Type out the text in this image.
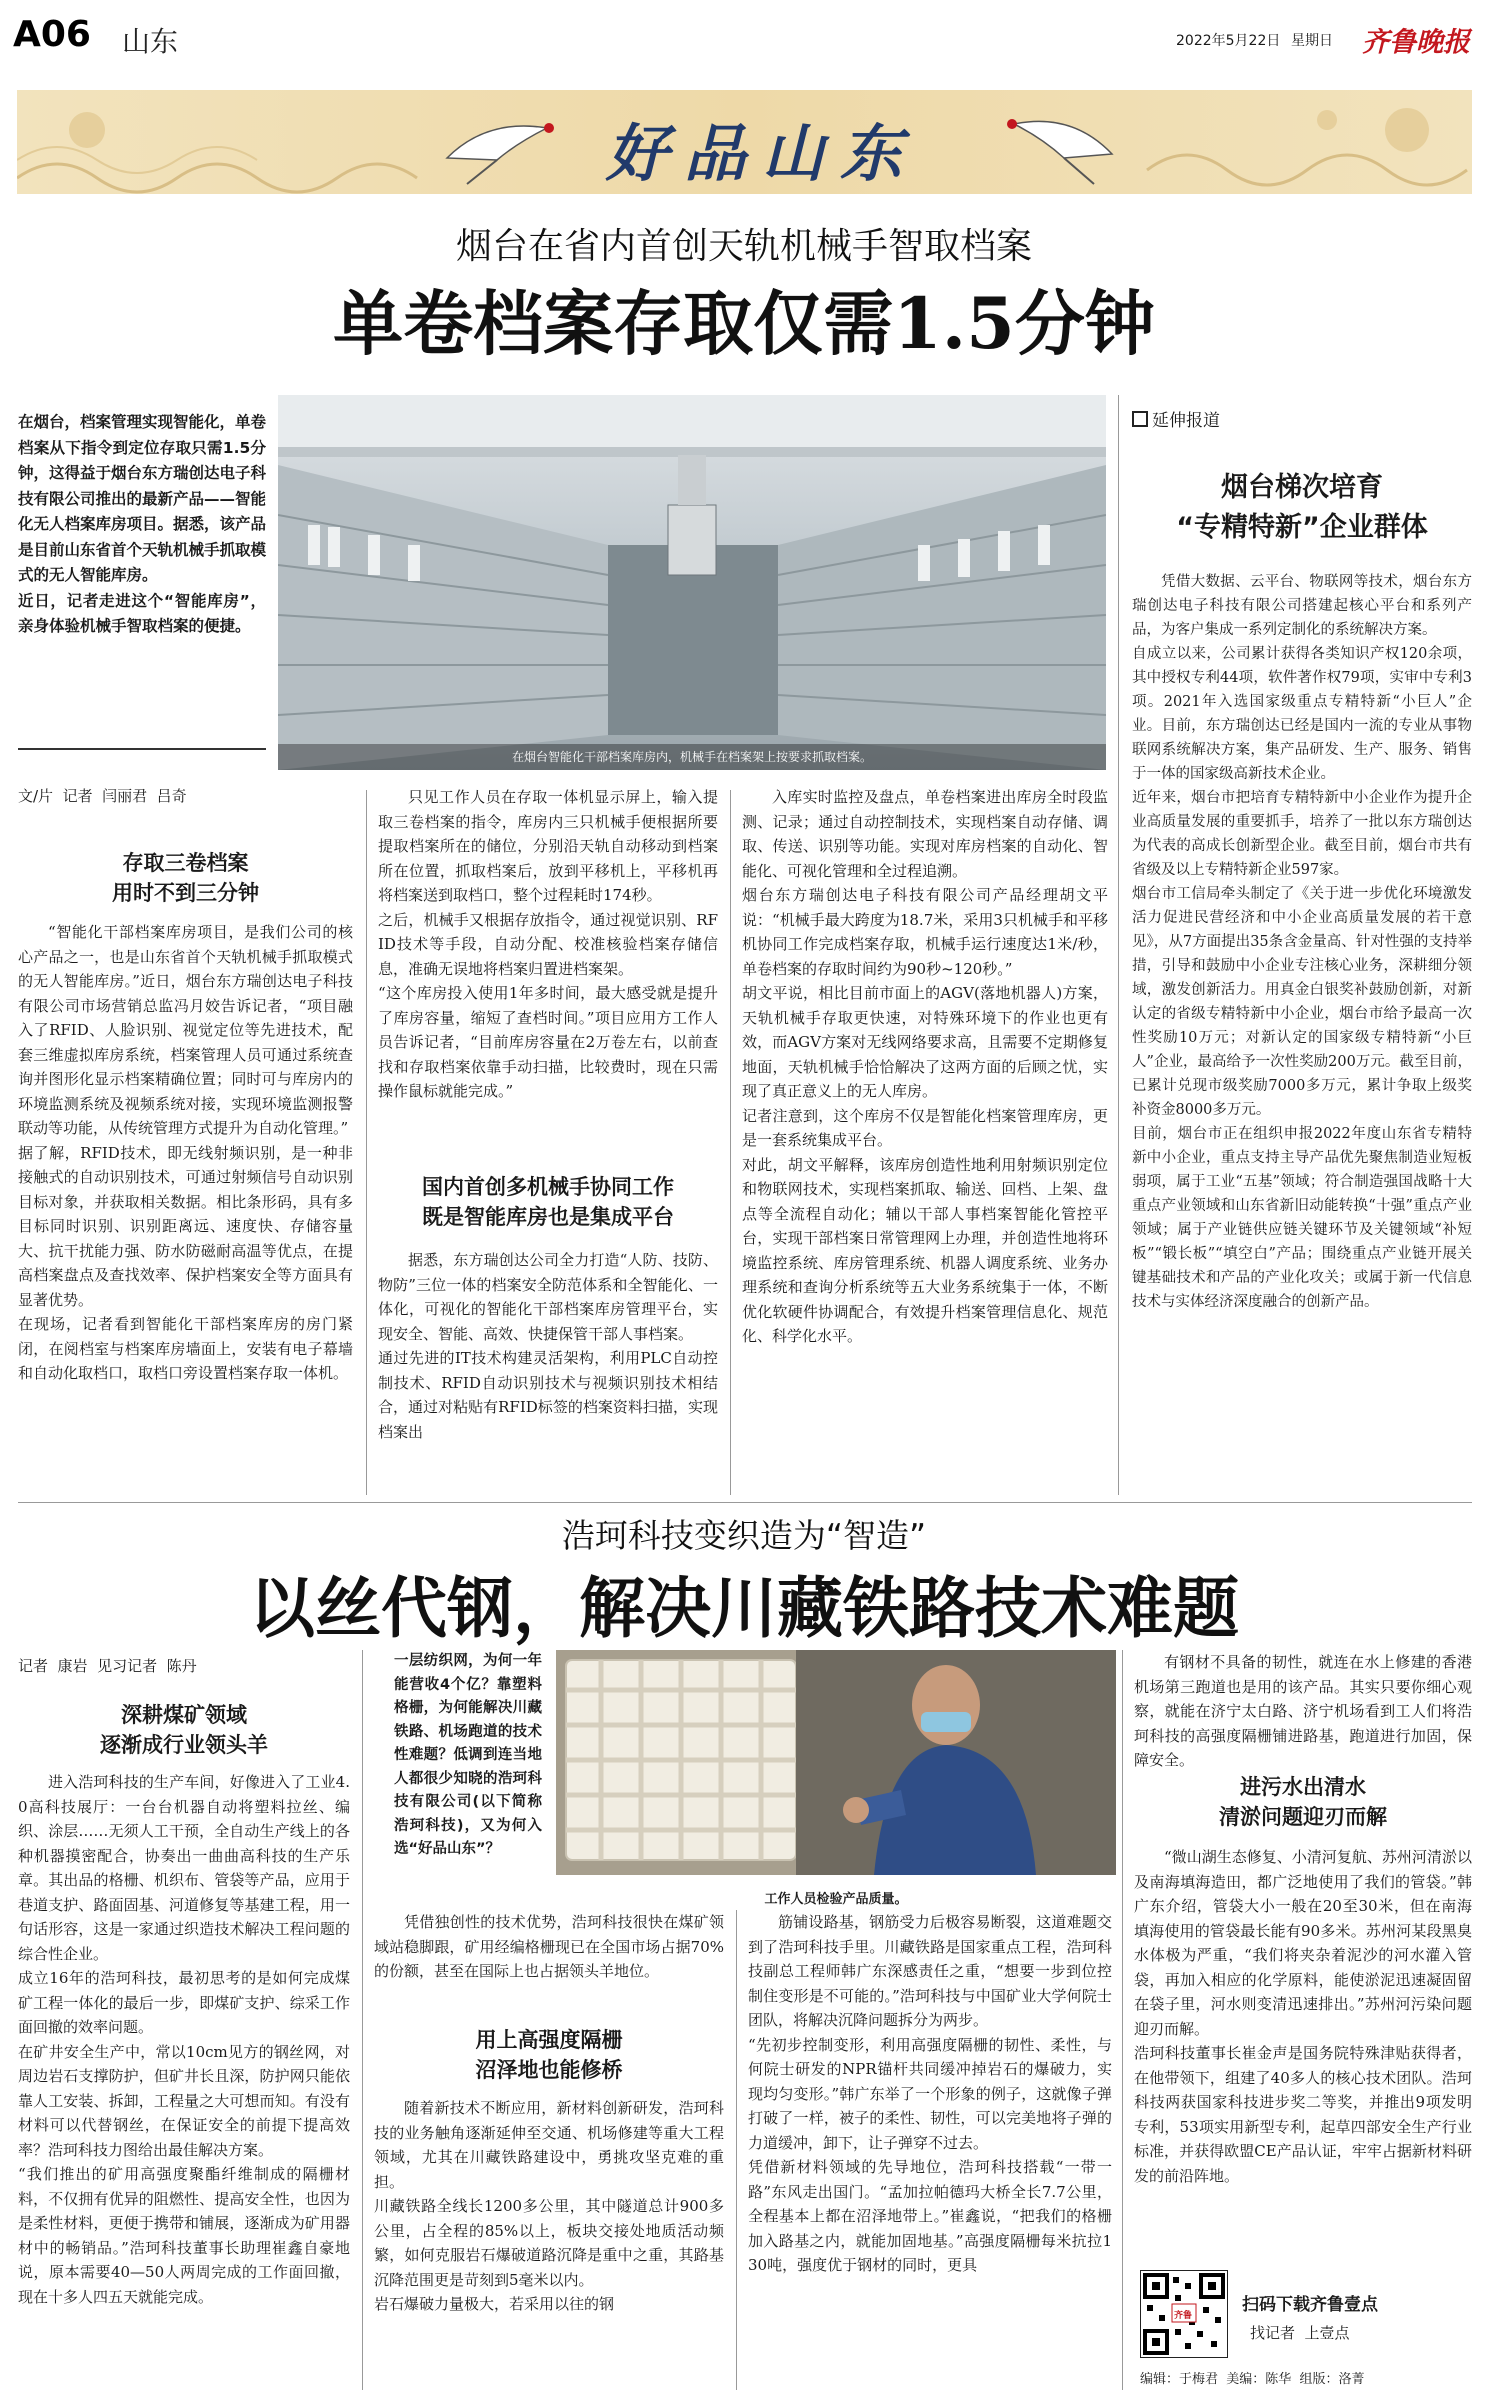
A06 山东	2022年5月22日 星期日 齐鲁晚报
好品山东
烟台在省内首创天轨机械手智取档案
单卷档案存取仅需1.5分钟

在烟台，档案管理实现智能化，单卷档案从下指令到定位存取只需1.5分钟，这得益于烟台东方瑞创达电子科技有限公司推出的最新产品——智能化无人档案库房项目。据悉，该产品是目前山东省首个天轨机械手抓取模式的无人智能库房。
近日，记者走进这个“智能库房”，亲身体验机械手智取档案的便捷。

在烟台智能化干部档案库房内，机械手在档案架上按要求抓取档案。
文/片  记者  闫丽君  吕奇

存取三卷档案
用时不到三分钟

“智能化干部档案库房项目，是我们公司的核心产品之一，也是山东省首个天轨机械手抓取模式的无人智能库房。”近日，烟台东方瑞创达电子科技有限公司市场营销总监冯月姣告诉记者，“项目融入了RFID、人脸识别、视觉定位等先进技术，配套三维虚拟库房系统，档案管理人员可通过系统查询并图形化显示档案精确位置；同时可与库房内的环境监测系统及视频系统对接，实现环境监测报警联动等功能，从传统管理方式提升为自动化管理。”
据了解，RFID技术，即无线射频识别，是一种非接触式的自动识别技术，可通过射频信号自动识别目标对象，并获取相关数据。相比条形码，具有多目标同时识别、识别距离远、速度快、存储容量大、抗干扰能力强、防水防磁耐高温等优点，在提高档案盘点及查找效率、保护档案安全等方面具有显著优势。
在现场，记者看到智能化干部档案库房的房门紧闭，在阅档室与档案库房墙面上，安装有电子幕墙和自动化取档口，取档口旁设置档案存取一体机。

只见工作人员在存取一体机显示屏上，输入提取三卷档案的指令，库房内三只机械手便根据所要提取档案所在的储位，分别沿天轨自动移动到档案所在位置，抓取档案后，放到平移机上，平移机再将档案送到取档口，整个过程耗时174秒。
之后，机械手又根据存放指令，通过视觉识别、RFID技术等手段，自动分配、校准核验档案存储信息，准确无误地将档案归置进档案架。
“这个库房投入使用1年多时间，最大感受就是提升了库房容量，缩短了查档时间。”项目应用方工作人员告诉记者，“目前库房容量在2万卷左右，以前查找和存取档案依靠手动扫描，比较费时，现在只需操作鼠标就能完成。”

国内首创多机械手协同工作
既是智能库房也是集成平台

据悉，东方瑞创达公司全力打造“人防、技防、物防”三位一体的档案安全防范体系和全智能化、一体化，可视化的智能化干部档案库房管理平台，实现安全、智能、高效、快捷保管干部人事档案。
通过先进的IT技术构建灵活架构，利用PLC自动控制技术、RFID自动识别技术与视频识别技术相结合，通过对粘贴有RFID标签的档案资料扫描，实现档案出

入库实时监控及盘点，单卷档案进出库房全时段监测、记录；通过自动控制技术，实现档案自动存储、调取、传送、识别等功能。实现对库房档案的自动化、智能化、可视化管理和全过程追溯。
烟台东方瑞创达电子科技有限公司产品经理胡文平说：“机械手最大跨度为18.7米，采用3只机械手和平移机协同工作完成档案存取，机械手运行速度达1米/秒，单卷档案的存取时间约为90秒~120秒。”
胡文平说，相比目前市面上的AGV(落地机器人)方案，天轨机械手存取更快速，对特殊环境下的作业也更有效，而AGV方案对无线网络要求高，且需要不定期修复地面，天轨机械手恰恰解决了这两方面的后顾之忧，实现了真正意义上的无人库房。
记者注意到，这个库房不仅是智能化档案管理库房，更是一套系统集成平台。
对此，胡文平解释，该库房创造性地利用射频识别定位和物联网技术，实现档案抓取、输送、回档、上架、盘点等全流程自动化；辅以干部人事档案智能化管控平台，实现干部档案日常管理网上办理，并创造性地将环境监控系统、库房管理系统、机器人调度系统、业务办理系统和查询分析系统等五大业务系统集于一体，不断优化软硬件协调配合，有效提升档案管理信息化、规范化、科学化水平。

延伸报道

烟台梯次培育
“专精特新”企业群体

凭借大数据、云平台、物联网等技术，烟台东方瑞创达电子科技有限公司搭建起核心平台和系列产品，为客户集成一系列定制化的系统解决方案。
自成立以来，公司累计获得各类知识产权120余项，其中授权专利44项，软件著作权79项，实审中专利3项。2021年入选国家级重点专精特新“小巨人”企业。目前，东方瑞创达已经是国内一流的专业从事物联网系统解决方案，集产品研发、生产、服务、销售于一体的国家级高新技术企业。
近年来，烟台市把培育专精特新中小企业作为提升企业高质量发展的重要抓手，培养了一批以东方瑞创达为代表的高成长创新型企业。截至目前，烟台市共有省级及以上专精特新企业597家。
烟台市工信局牵头制定了《关于进一步优化环境激发活力促进民营经济和中小企业高质量发展的若干意见》，从7方面提出35条含金量高、针对性强的支持举措，引导和鼓励中小企业专注核心业务，深耕细分领域，激发创新活力。用真金白银奖补鼓励创新，对新认定的省级专精特新中小企业，烟台市给予最高一次性奖励10万元；对新认定的国家级专精特新“小巨人”企业，最高给予一次性奖励200万元。截至目前，已累计兑现市级奖励7000多万元，累计争取上级奖补资金8000多万元。
目前，烟台市正在组织申报2022年度山东省专精特新中小企业，重点支持主导产品优先聚焦制造业短板弱项，属于工业“五基”领域；符合制造强国战略十大重点产业领域和山东省新旧动能转换“十强”重点产业领域；属于产业链供应链关键环节及关键领域“补短板”“锻长板”“填空白”产品；围绕重点产业链开展关键基础技术和产品的产业化攻关；或属于新一代信息技术与实体经济深度融合的创新产品。

浩珂科技变织造为“智造”
以丝代钢，解决川藏铁路技术难题
记者  康岩  见习记者  陈丹

深耕煤矿领域
逐渐成行业领头羊

进入浩珂科技的生产车间，好像进入了工业4.0高科技展厅：一台台机器自动将塑料拉丝、编织、涂层……无须人工干预，全自动生产线上的各种机器摸密配合，协奏出一曲曲高科技的生产乐章。其出品的格栅、机织布、管袋等产品，应用于巷道支护、路面固基、河道修复等基建工程，用一句话形容，这是一家通过织造技术解决工程问题的综合性企业。
成立16年的浩珂科技，最初思考的是如何完成煤矿工程一体化的最后一步，即煤矿支护、综采工作面回撤的效率问题。
在矿井安全生产中，常以10cm见方的钢丝网，对周边岩石支撑防护，但矿井长且深，防护网只能依靠人工安装、拆卸，工程量之大可想而知。有没有材料可以代替钢丝，在保证安全的前提下提高效率？浩珂科技力图给出最佳解决方案。
“我们推出的矿用高强度聚酯纤维制成的隔栅材料，不仅拥有优异的阻燃性、提高安全性，也因为是柔性材料，更便于携带和铺展，逐渐成为矿用器材中的畅销品。”浩珂科技董事长助理崔鑫自豪地说，原本需要40—50人两周完成的工作面回撤，现在十多人四五天就能完成。

一层纺织网，为何一年能营收4个亿？靠塑料格栅，为何能解决川藏铁路、机场跑道的技术性难题？低调到连当地人都很少知晓的浩珂科技有限公司(以下简称浩珂科技)，又为何入选“好品山东”？

工作人员检验产品质量。

凭借独创性的技术优势，浩珂科技很快在煤矿领域站稳脚跟，矿用经编格栅现已在全国市场占据70%的份额，甚至在国际上也占据领头羊地位。

用上高强度隔栅
沼泽地也能修桥

随着新技术不断应用，新材料创新研发，浩珂科技的业务触角逐渐延伸至交通、机场修建等重大工程领域，尤其在川藏铁路建设中，勇挑攻坚克难的重担。
川藏铁路全线长1200多公里，其中隧道总计900多公里，占全程的85%以上，板块交接处地质活动频繁，如何克服岩石爆破道路沉降是重中之重，其路基沉降范围更是苛刻到5毫米以内。
岩石爆破力量极大，若采用以往的钢

筋铺设路基，钢筋受力后极容易断裂，这道难题交到了浩珂科技手里。川藏铁路是国家重点工程，浩珂科技副总工程师韩广东深感责任之重，“想要一步到位控制住变形是不可能的。”浩珂科技与中国矿业大学何院士团队，将解决沉降问题拆分为两步。
“先初步控制变形，利用高强度隔栅的韧性、柔性，与何院士研发的NPR锚杆共同缓冲掉岩石的爆破力，实现均匀变形。”韩广东举了一个形象的例子，这就像子弹打破了一样，被子的柔性、韧性，可以完美地将子弹的力道缓冲，卸下，让子弹穿不过去。
凭借新材料领域的先导地位，浩珂科技搭载“一带一路”东风走出国门。“孟加拉帕德玛大桥全长7.7公里，全程基本上都在沼泽地带上。”崔鑫说，“把我们的格栅加入路基之内，就能加固地基。”高强度隔栅每米抗拉130吨，强度优于钢材的同时，更具

有钢材不具备的韧性，就连在水上修建的香港机场第三跑道也是用的该产品。其实只要你细心观察，就能在济宁太白路、济宁机场看到工人们将浩珂科技的高强度隔栅铺进路基，跑道进行加固，保障安全。

进污水出清水
清淤问题迎刃而解

“微山湖生态修复、小清河复航、苏州河清淤以及南海填海造田，都广泛地使用了我们的管袋。”韩广东介绍，管袋大小一般在20至30米，但在南海填海使用的管袋最长能有90多米。苏州河某段黑臭水体极为严重，“我们将夹杂着泥沙的河水灌入管袋，再加入相应的化学原料，能使淤泥迅速凝固留在袋子里，河水则变清迅速排出。”苏州河污染问题迎刃而解。
浩珂科技董事长崔金声是国务院特殊津贴获得者，在他带领下，组建了40多人的核心技术团队。浩珂科技两获国家科技进步奖二等奖，并推出9项发明专利，53项实用新型专利，起草四部安全生产行业标准，并获得欧盟CE产品认证，牢牢占据新材料研发的前沿阵地。

齐鲁
扫码下载齐鲁壹点
找记者  上壹点
编辑：于梅君  美编：陈华  组版：洛菁
